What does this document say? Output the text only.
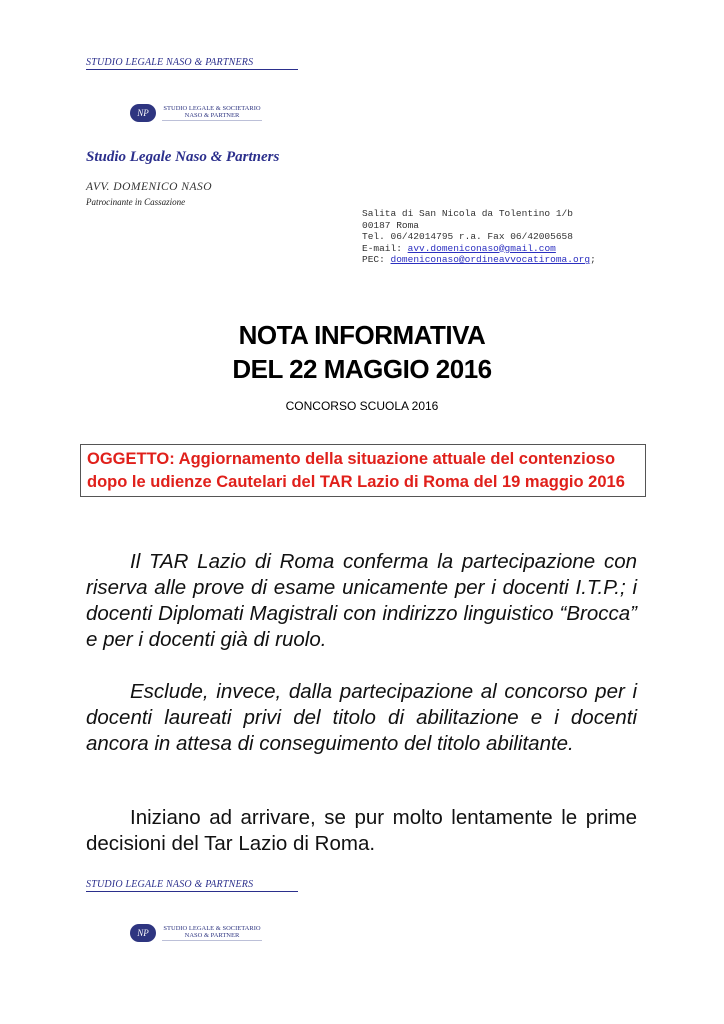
STUDIO LEGALE NASO & PARTNERS
NP STUDIO LEGALE & SOCIETARIO
NASO & PARTNER
Studio Legale Naso & Partners
AVV. DOMENICO NASO
Patrocinante in Cassazione
Salita di San Nicola da Tolentino 1/b
00187 Roma
Tel. 06/42014795 r.a. Fax 06/42005658
E-mail: avv.domeniconaso@gmail.com
PEC: domeniconaso@ordineavvocatiroma.org;
NOTA INFORMATIVA
DEL 22 MAGGIO 2016
CONCORSO SCUOLA 2016
OGGETTO: Aggiornamento della situazione attuale del contenzioso dopo le udienze Cautelari del TAR Lazio di Roma del 19 maggio 2016
Il TAR Lazio di Roma conferma la partecipazione con riserva alle prove di esame unicamente per i docenti I.T.P.; i docenti Diplomati Magistrali con indirizzo linguistico “Brocca” e per i docenti già di ruolo.
Esclude, invece, dalla partecipazione al concorso per i docenti laureati privi del titolo di abilitazione e i docenti ancora in attesa di conseguimento del titolo abilitante.
Iniziano ad arrivare, se pur molto lentamente le prime decisioni del Tar Lazio di Roma.
STUDIO LEGALE NASO & PARTNERS
NP STUDIO LEGALE & SOCIETARIO
NASO & PARTNER
